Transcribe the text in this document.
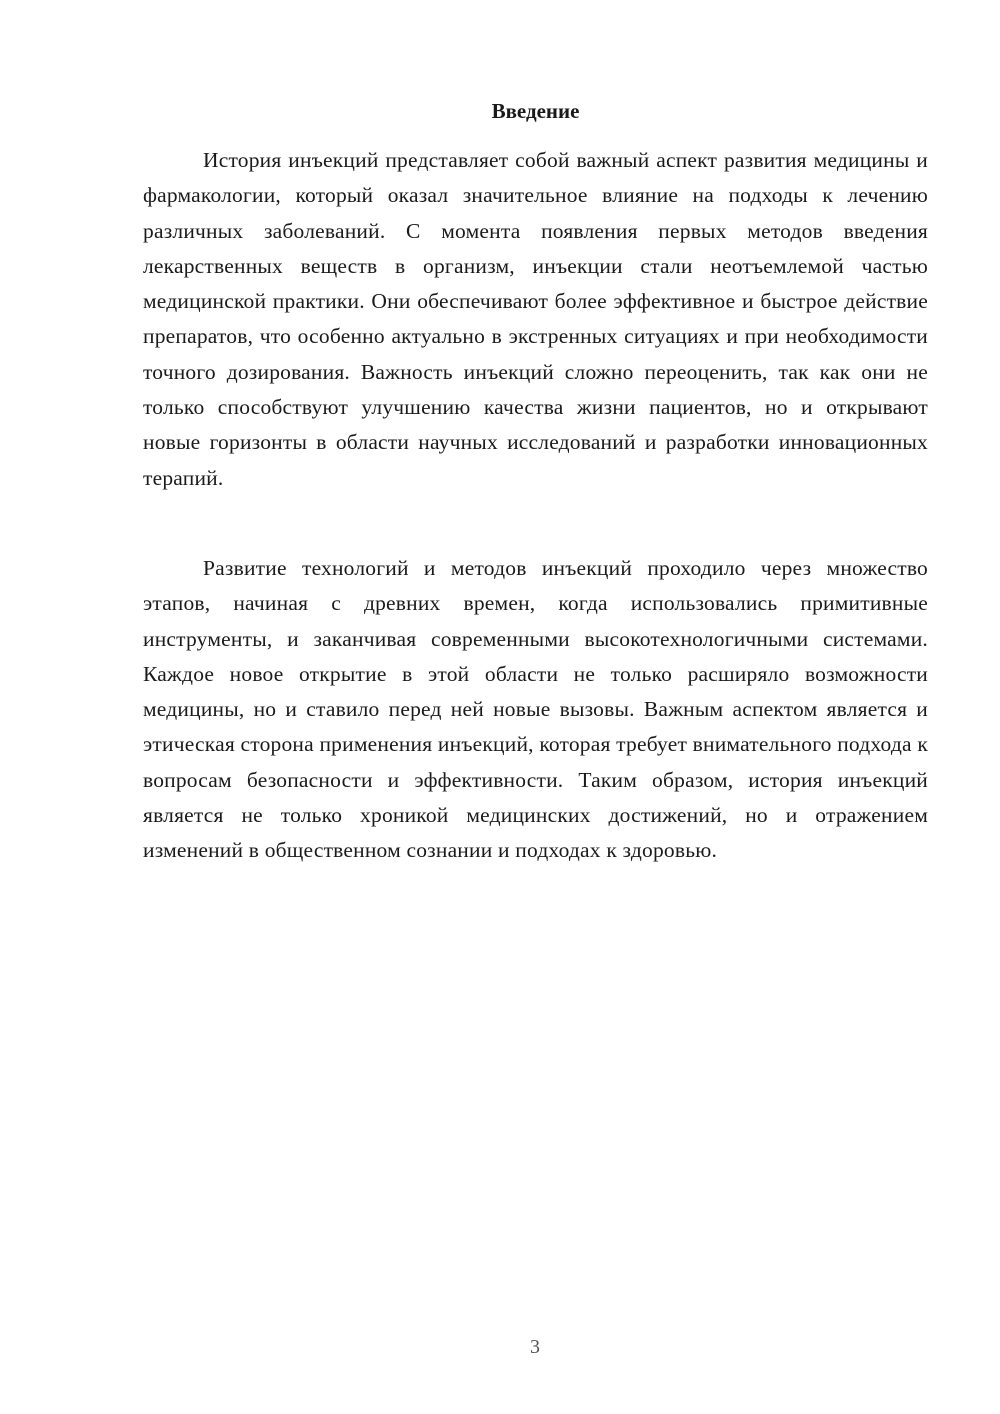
Введение

История инъекций представляет собой важный аспект развития медицины и фармакологии, который оказал значительное влияние на подходы к лечению различных заболеваний. С момента появления первых методов введения лекарственных веществ в организм, инъекции стали неотъемлемой частью медицинской практики. Они обеспечивают более эффективное и быстрое действие препаратов, что особенно актуально в экстренных ситуациях и при необходимости точного дозирования. Важность инъекций сложно переоценить, так как они не только способствуют улучшению качества жизни пациентов, но и открывают новые горизонты в области научных исследований и разработки инновационных терапий.

Развитие технологий и методов инъекций проходило через множество этапов, начиная с древних времен, когда использовались примитивные инструменты, и заканчивая современными высокотехнологичными системами. Каждое новое открытие в этой области не только расширяло возможности медицины, но и ставило перед ней новые вызовы. Важным аспектом является и этическая сторона применения инъекций, которая требует внимательного подхода к вопросам безопасности и эффективности. Таким образом, история инъекций является не только хроникой медицинских достижений, но и отражением изменений в общественном сознании и подходах к здоровью.

3
